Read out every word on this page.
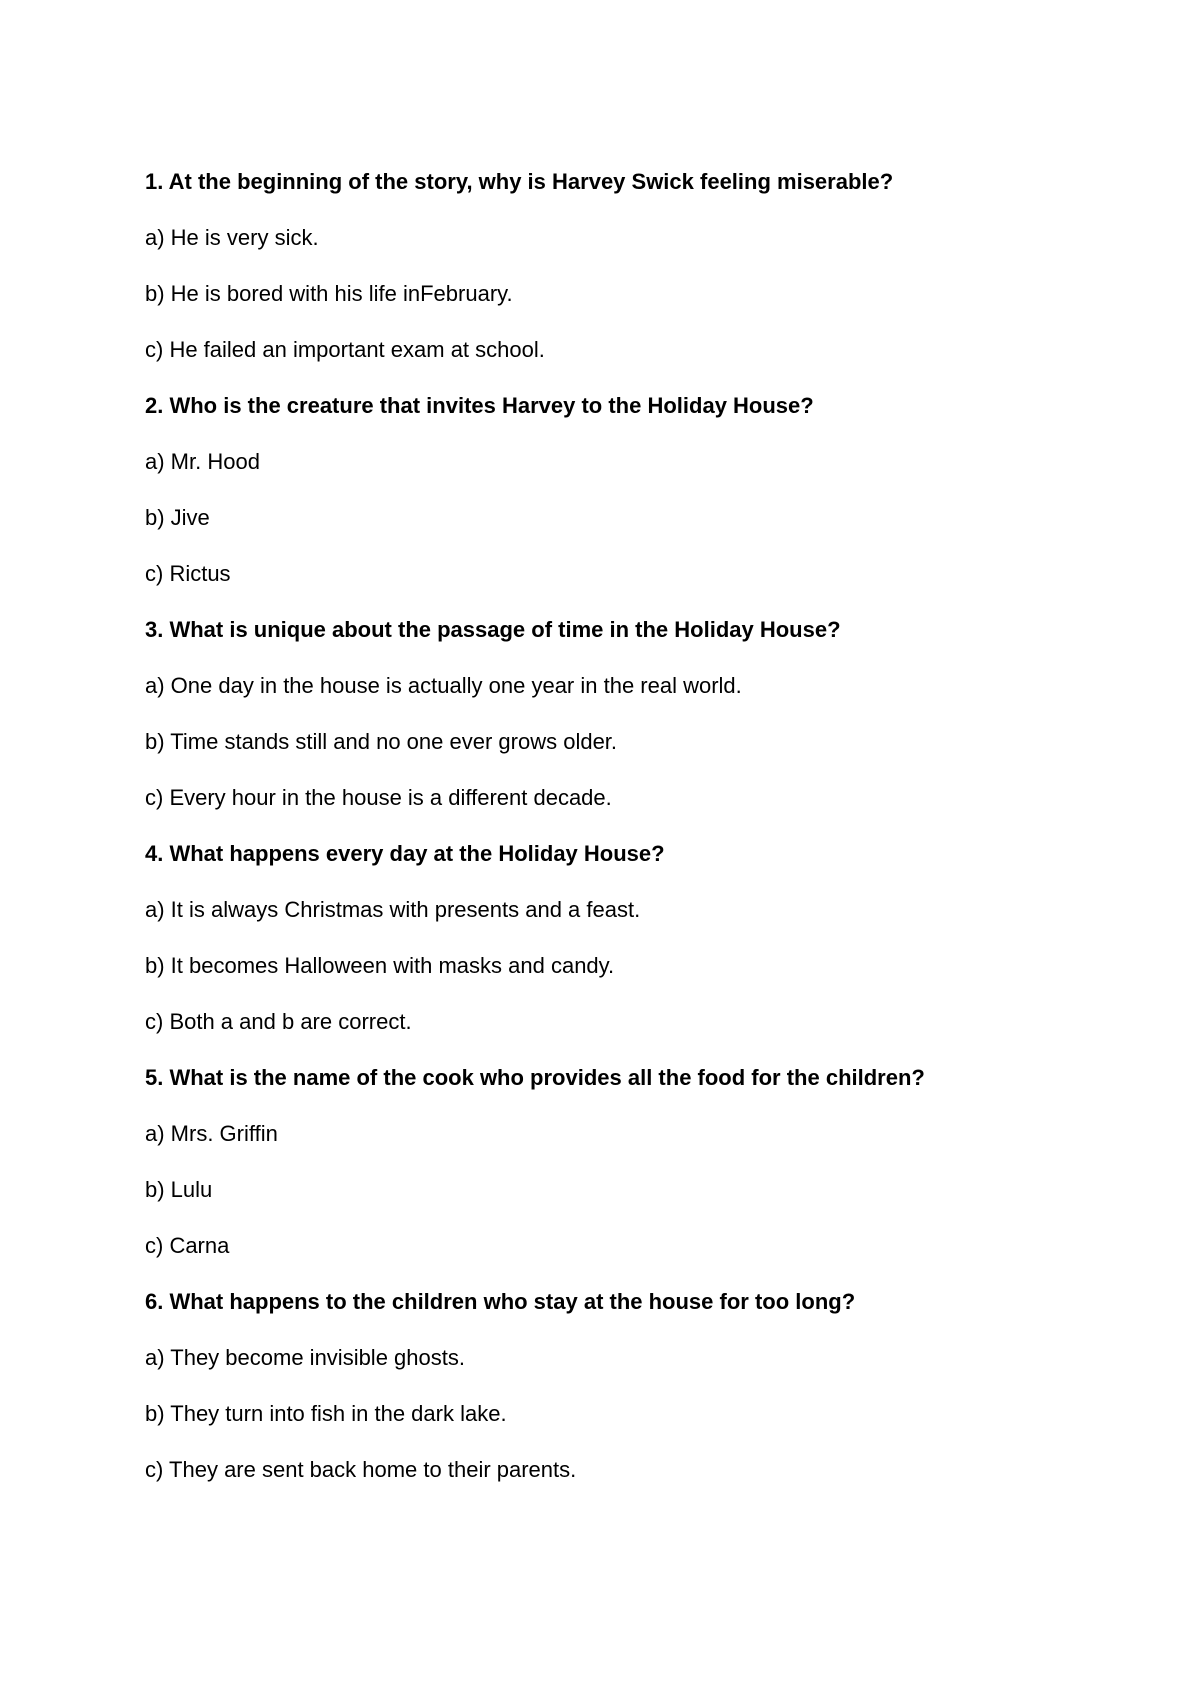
1. At the beginning of the story, why is Harvey Swick feeling miserable?
a) He is very sick.
b) He is bored with his life inFebruary.
c) He failed an important exam at school.
2. Who is the creature that invites Harvey to the Holiday House?
a) Mr. Hood
b) Jive
c) Rictus
3. What is unique about the passage of time in the Holiday House?
a) One day in the house is actually one year in the real world.
b) Time stands still and no one ever grows older.
c) Every hour in the house is a different decade.
4. What happens every day at the Holiday House?
a) It is always Christmas with presents and a feast.
b) It becomes Halloween with masks and candy.
c) Both a and b are correct.
5. What is the name of the cook who provides all the food for the children?
a) Mrs. Griffin
b) Lulu
c) Carna
6. What happens to the children who stay at the house for too long?
a) They become invisible ghosts.
b) They turn into fish in the dark lake.
c) They are sent back home to their parents.
